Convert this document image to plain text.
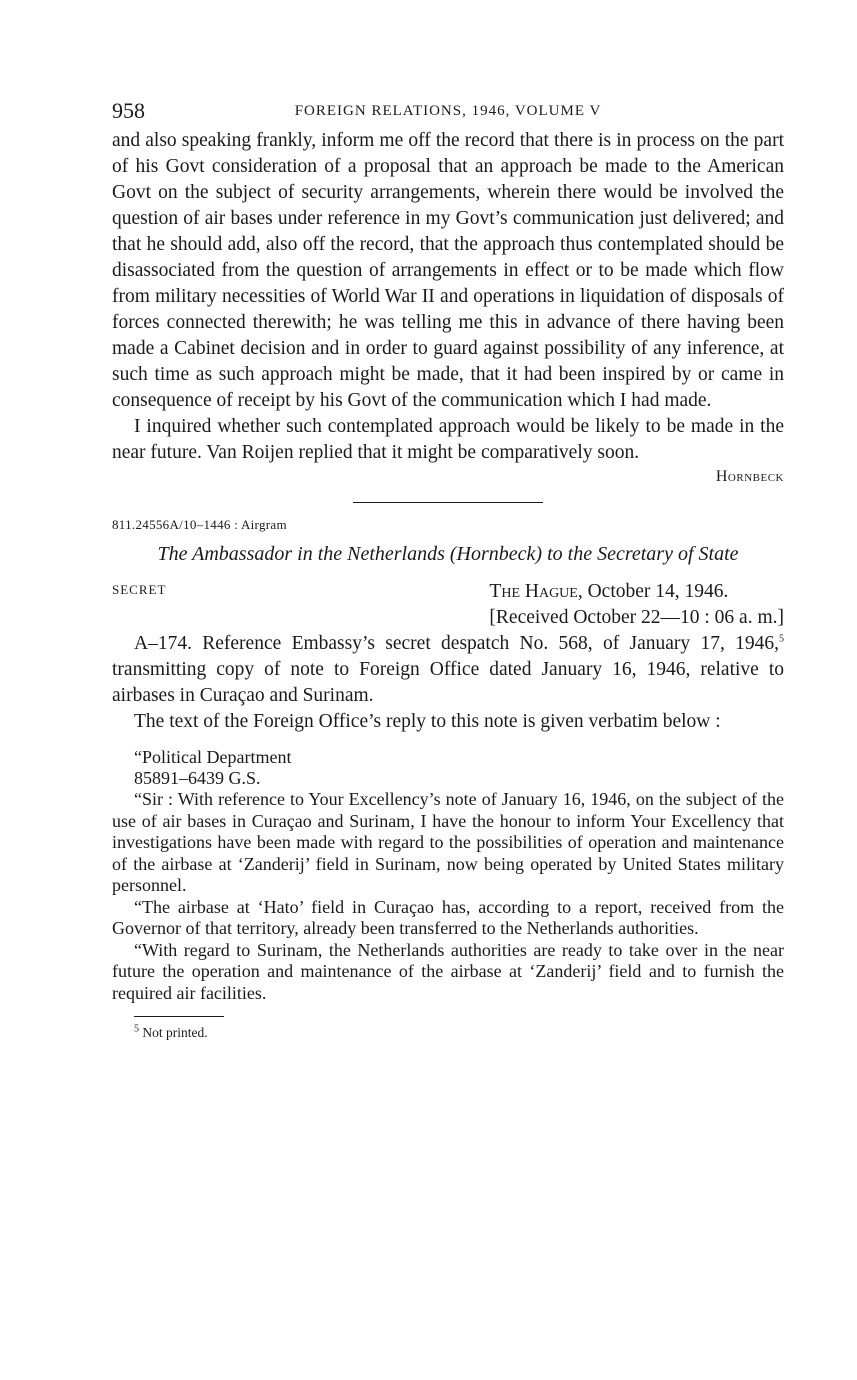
958	FOREIGN RELATIONS, 1946, VOLUME V

and also speaking frankly, inform me off the record that there is in process on the part of his Govt consideration of a proposal that an approach be made to the American Govt on the subject of security arrangements, wherein there would be involved the question of air bases under reference in my Govt’s communication just delivered; and that he should add, also off the record, that the approach thus contemplated should be disassociated from the question of arrangements in effect or to be made which flow from military necessities of World War II and operations in liquidation of disposals of forces connected therewith; he was telling me this in advance of there having been made a Cabinet decision and in order to guard against possibility of any inference, at such time as such approach might be made, that it had been inspired by or came in consequence of receipt by his Govt of the communication which I had made.

I inquired whether such contemplated approach would be likely to be made in the near future. Van Roijen replied that it might be comparatively soon.

Hornbeck
811.24556A/10–1446 : Airgram
The Ambassador in the Netherlands (Hornbeck) to the Secretary of State
SECRET	The Hague, October 14, 1946.
[Received October 22—10 : 06 a. m.]

A–174. Reference Embassy’s secret despatch No. 568, of January 17, 1946,$^5$ transmitting copy of note to Foreign Office dated January 16, 1946, relative to airbases in Curaçao and Surinam.

The text of the Foreign Office’s reply to this note is given verbatim below :

“Political Department
85891–6439 G.S.

“Sir : With reference to Your Excellency’s note of January 16, 1946, on the subject of the use of air bases in Curaçao and Surinam, I have the honour to inform Your Excellency that investigations have been made with regard to the possibilities of operation and maintenance of the airbase at ‘Zanderij’ field in Surinam, now being operated by United States military personnel.

“The airbase at ‘Hato’ field in Curaçao has, according to a report, received from the Governor of that territory, already been transferred to the Netherlands authorities.

“With regard to Surinam, the Netherlands authorities are ready to take over in the near future the operation and maintenance of the airbase at ‘Zanderij’ field and to furnish the required air facilities.

$^5$ Not printed.
